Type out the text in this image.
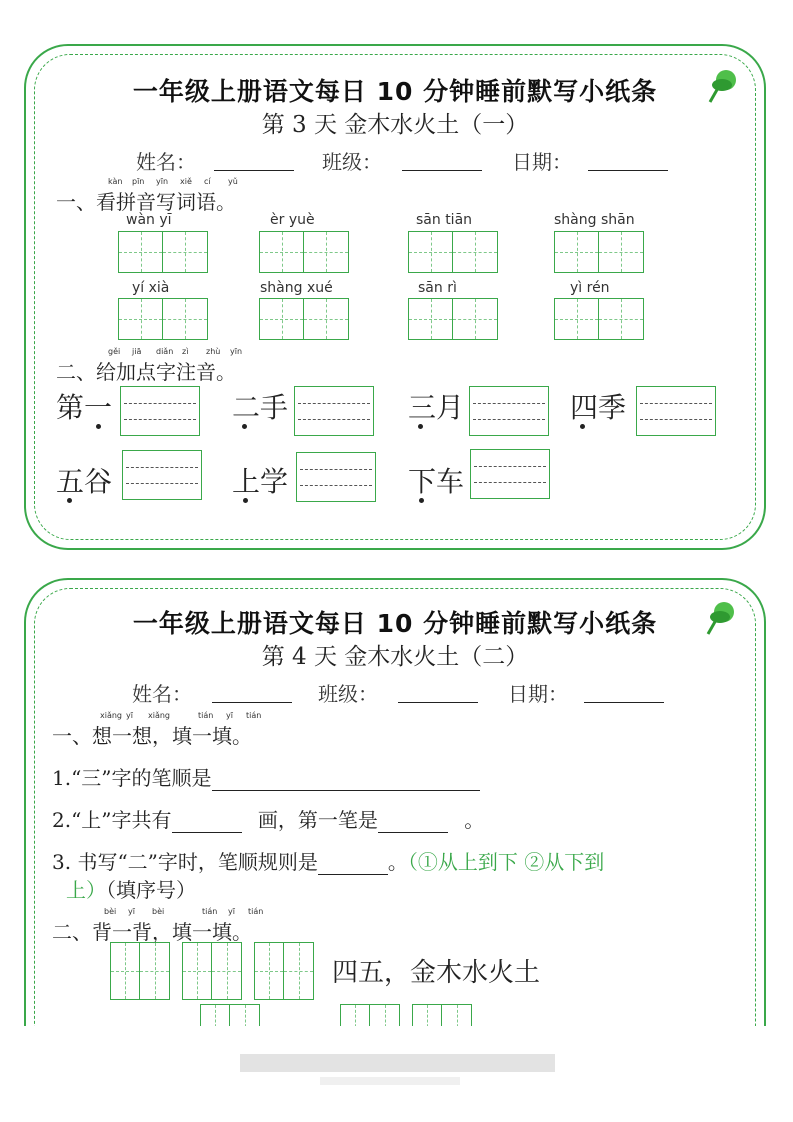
一年级上册语文每日 10 分钟睡前默写小纸条
第 3 天 金木水火土（一）
姓名：	班级：	日期：
kàn pīn yīn xiě cí yǔ
一、看拼音写词语。
wàn yī	èr yuè	sān tiān	shàng shān
yí xià	shàng xué	sān rì	yì rén
gěi jiā diǎn zì zhù yīn
二、给加点字注音。
第一	二手	三月	四季
五谷	上学	下车
一年级上册语文每日 10 分钟睡前默写小纸条
第 4 天 金木水火土（二）
姓名：	班级：	日期：
xiǎng yī xiǎng	tián yī tián
一、想一想，填一填。
1.“三”字的笔顺是
2.“上”字共有	画，第一笔是	。
3. 书写“二”字时，笔顺规则是	。（①从上到下 ②从下到
上）（填序号）
bèi yī bèi	tián yī tián
二、背一背，填一填。
四五，金木水火土
